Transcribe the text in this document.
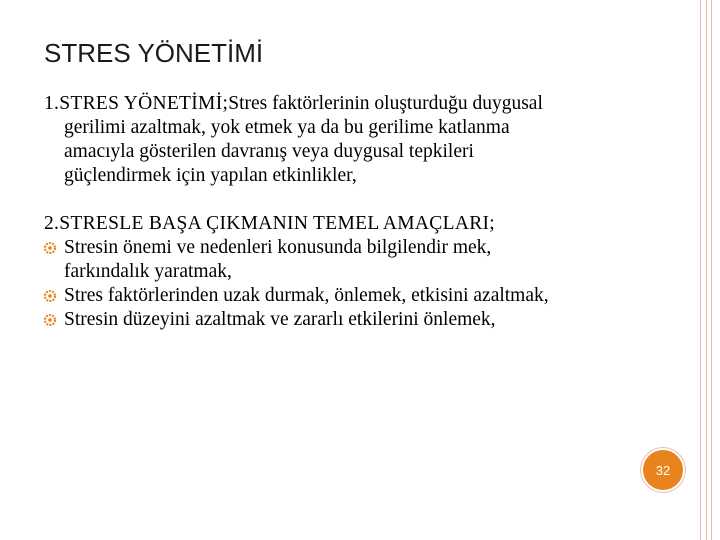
STRES YÖNETİMİ
1.STRES YÖNETİMİ;Stres faktörlerinin oluşturduğu duygusal
gerilimi azaltmak, yok etmek ya da bu gerilime katlanma
amacıyla gösterilen davranış veya duygusal tepkileri
güçlendirmek için yapılan etkinlikler,
2.STRESLE BAŞA ÇIKMANIN TEMEL AMAÇLARI;
Stresin önemi ve nedenleri konusunda bilgilendir mek,
farkındalık yaratmak,
Stres faktörlerinden uzak durmak, önlemek, etkisini azaltmak,
Stresin düzeyini azaltmak ve zararlı etkilerini önlemek,
32
